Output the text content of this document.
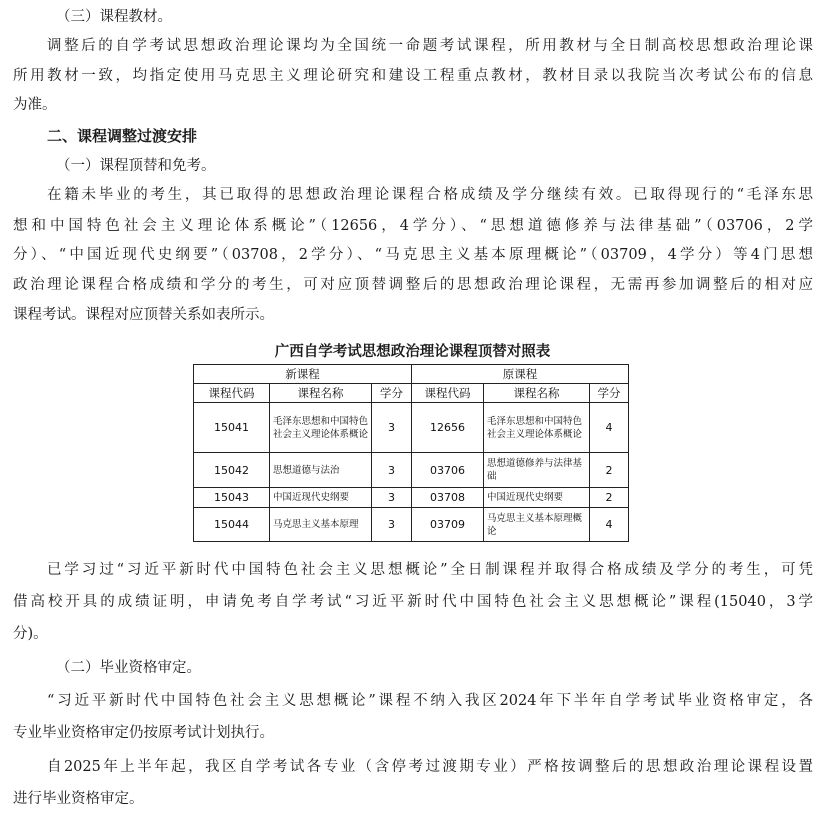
（三）课程教材。
调整后的自学考试思想政治理论课均为全国统一命题考试课程，所用教材与全日制高校思想政治理论课
所用教材一致，均指定使用马克思主义理论研究和建设工程重点教材，教材目录以我院当次考试公布的信息
为准。
二、课程调整过渡安排
（一）课程顶替和免考。
在籍未毕业的考生，其已取得的思想政治理论课程合格成绩及学分继续有效。已取得现行的“毛泽东思
想和中国特色社会主义理论体系概论”（12656，4学分）、“思想道德修养与法律基础”（03706，2学
分）、“中国近现代史纲要”（03708，2学分）、“马克思主义基本原理概论”（03709，4学分）等4门思想
政治理论课程合格成绩和学分的考生，可对应顶替调整后的思想政治理论课程，无需再参加调整后的相对应
课程考试。课程对应顶替关系如表所示。
广西自学考试思想政治理论课程顶替对照表
新课程			原课程		
课程代码	课程名称	学分	课程代码	课程名称	学分
15041	毛泽东思想和中国特色社会主义理论体系概论	3	12656	毛泽东思想和中国特色社会主义理论体系概论	4
15042	思想道德与法治	3	03706	思想道德修养与法律基础	2
15043	中国近现代史纲要	3	03708	中国近现代史纲要	2
15044	马克思主义基本原理	3	03709	马克思主义基本原理概论	4
已学习过“习近平新时代中国特色社会主义思想概论”全日制课程并取得合格成绩及学分的考生，可凭
借高校开具的成绩证明，申请免考自学考试“习近平新时代中国特色社会主义思想概论”课程(15040，3学
分)。
（二）毕业资格审定。
“习近平新时代中国特色社会主义思想概论”课程不纳入我区2024年下半年自学考试毕业资格审定，各
专业毕业资格审定仍按原考试计划执行。
自2025年上半年起，我区自学考试各专业（含停考过渡期专业）严格按调整后的思想政治理论课程设置
进行毕业资格审定。
